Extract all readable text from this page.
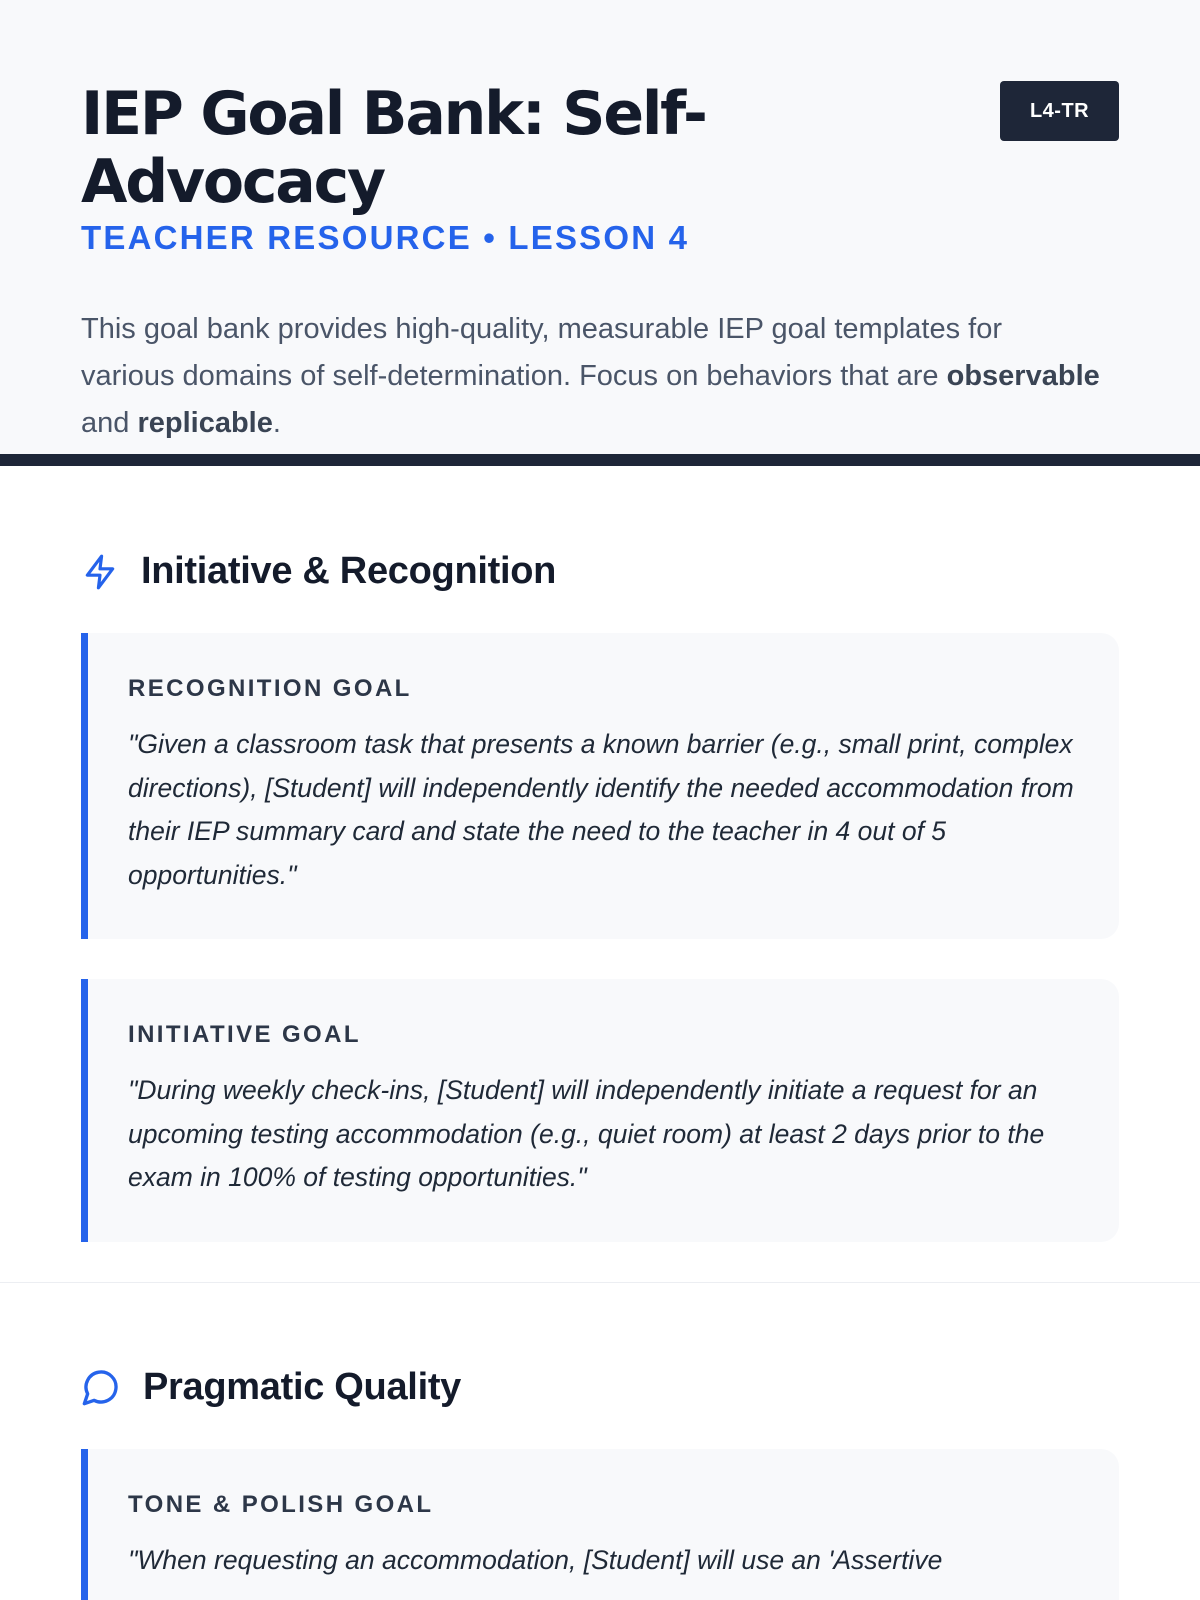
IEP Goal Bank: Self-Advocacy
L4-TR
TEACHER RESOURCE • LESSON 4

This goal bank provides high-quality, measurable IEP goal templates for various domains of self-determination. Focus on behaviors that are observable and replicable.

Initiative & Recognition
RECOGNITION GOAL

"Given a classroom task that presents a known barrier (e.g., small print, complex directions), [Student] will independently identify the needed accommodation from their IEP summary card and state the need to the teacher in 4 out of 5 opportunities."

INITIATIVE GOAL

"During weekly check-ins, [Student] will independently initiate a request for an upcoming testing accommodation (e.g., quiet room) at least 2 days prior to the exam in 100% of testing opportunities."

Pragmatic Quality
TONE & POLISH GOAL

"When requesting an accommodation, [Student] will use an 'Assertive
